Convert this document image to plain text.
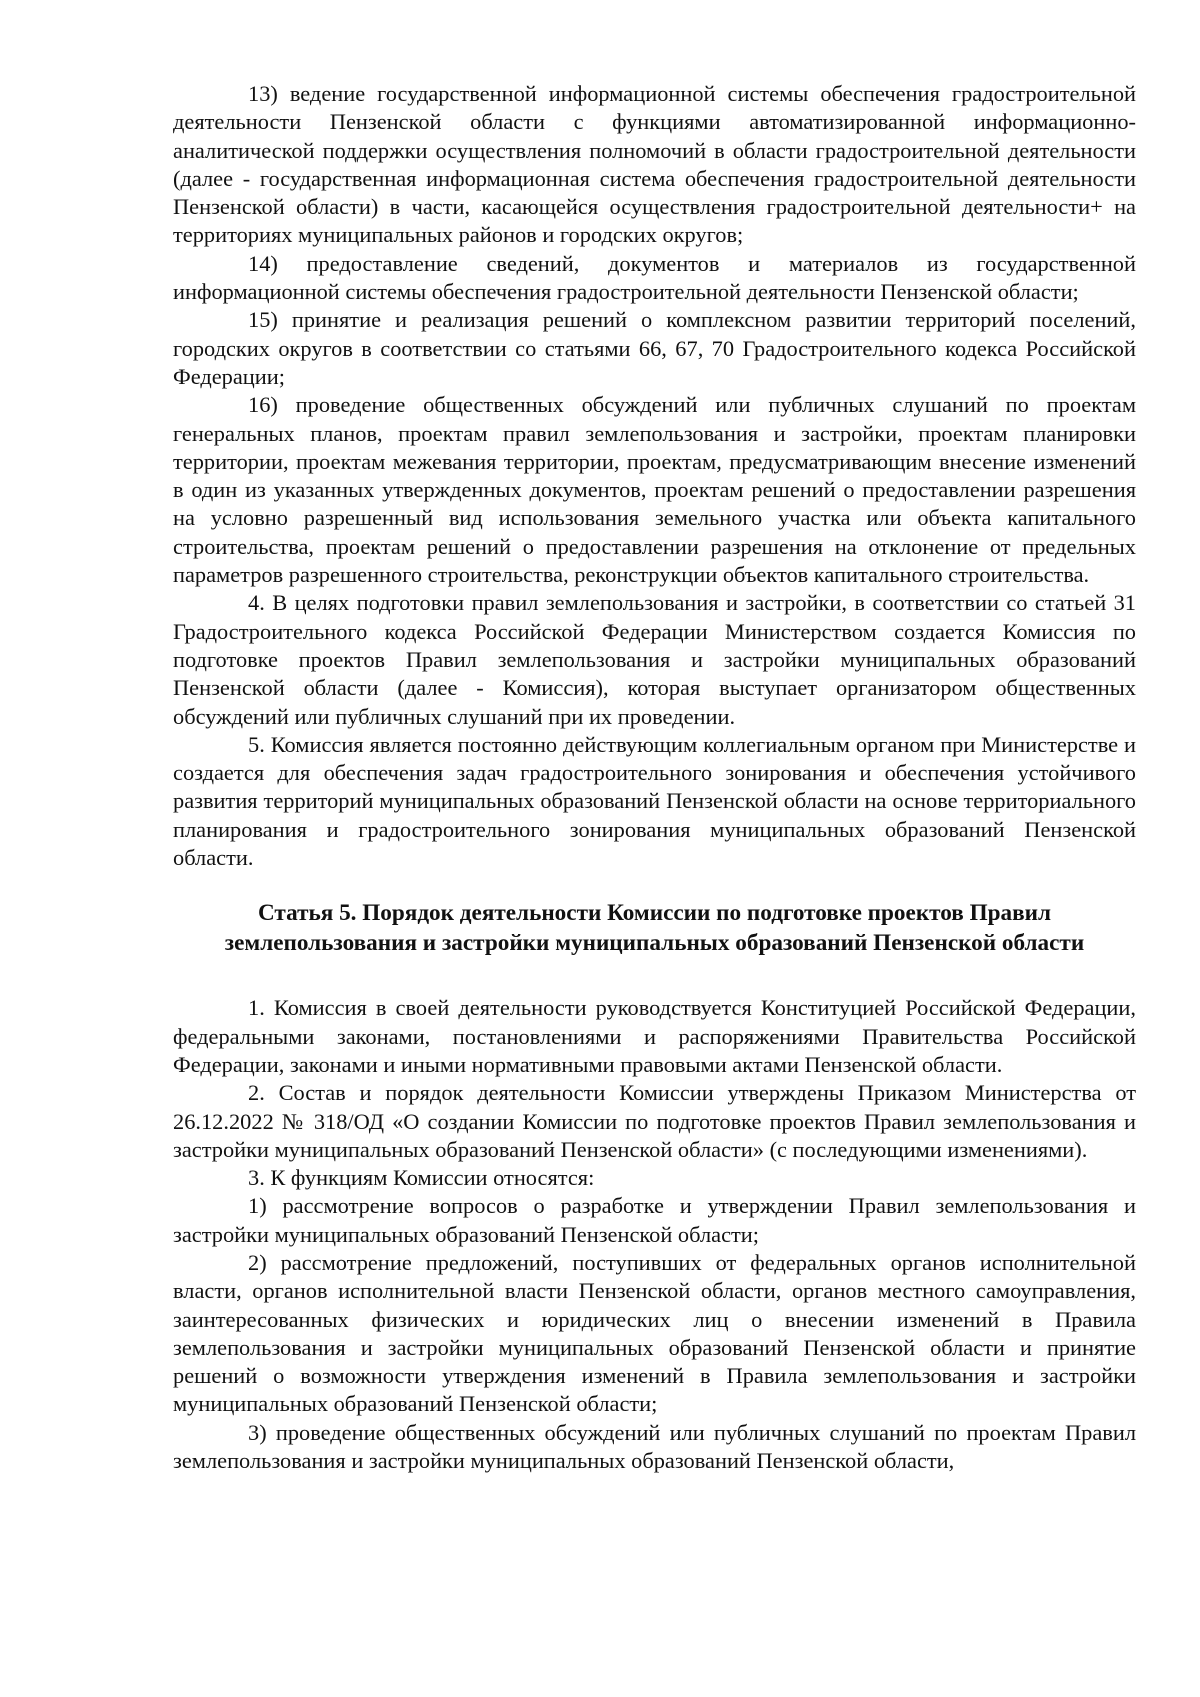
13) ведение государственной информационной системы обеспечения градостроительной деятельности Пензенской области с функциями автоматизированной информационно-аналитической поддержки осуществления полномочий в области градостроительной деятельности (далее - государственная информационная система обеспечения градостроительной деятельности Пензенской области) в части, касающейся осуществления градостроительной деятельности+ на территориях муниципальных районов и городских округов;

14) предоставление сведений, документов и материалов из государственной информационной системы обеспечения градостроительной деятельности Пензенской области;

15) принятие и реализация решений о комплексном развитии территорий поселений, городских округов в соответствии со статьями 66, 67, 70 Градостроительного кодекса Российской Федерации;

16) проведение общественных обсуждений или публичных слушаний по проектам генеральных планов, проектам правил землепользования и застройки, проектам планировки территории, проектам межевания территории, проектам, предусматривающим внесение изменений в один из указанных утвержденных документов, проектам решений о предоставлении разрешения на условно разрешенный вид использования земельного участка или объекта капитального строительства, проектам решений о предоставлении разрешения на отклонение от предельных параметров разрешенного строительства, реконструкции объектов капитального строительства.

4. В целях подготовки правил землепользования и застройки, в соответствии со статьей 31 Градостроительного кодекса Российской Федерации Министерством создается Комиссия по подготовке проектов Правил землепользования и застройки муниципальных образований Пензенской области (далее - Комиссия), которая выступает организатором общественных обсуждений или публичных слушаний при их проведении.

5. Комиссия является постоянно действующим коллегиальным органом при Министерстве и создается для обеспечения задач градостроительного зонирования и обеспечения устойчивого развития территорий муниципальных образований Пензенской области на основе территориального планирования и градостроительного зонирования муниципальных образований Пензенской области.

Статья 5. Порядок деятельности Комиссии по подготовке проектов Правил землепользования и застройки муниципальных образований Пензенской области

1. Комиссия в своей деятельности руководствуется Конституцией Российской Федерации, федеральными законами, постановлениями и распоряжениями Правительства Российской Федерации, законами и иными нормативными правовыми актами Пензенской области.

2. Состав и порядок деятельности Комиссии утверждены Приказом Министерства от 26.12.2022 № 318/ОД «О создании Комиссии по подготовке проектов Правил землепользования и застройки муниципальных образований Пензенской области» (с последующими изменениями).

3. К функциям Комиссии относятся:

1) рассмотрение вопросов о разработке и утверждении Правил землепользования и застройки муниципальных образований Пензенской области;

2) рассмотрение предложений, поступивших от федеральных органов исполнительной власти, органов исполнительной власти Пензенской области, органов местного самоуправления, заинтересованных физических и юридических лиц о внесении изменений в Правила землепользования и застройки муниципальных образований Пензенской области и принятие решений о возможности утверждения изменений в Правила землепользования и застройки муниципальных образований Пензенской области;

3) проведение общественных обсуждений или публичных слушаний по проектам Правил землепользования и застройки муниципальных образований Пензенской области,
